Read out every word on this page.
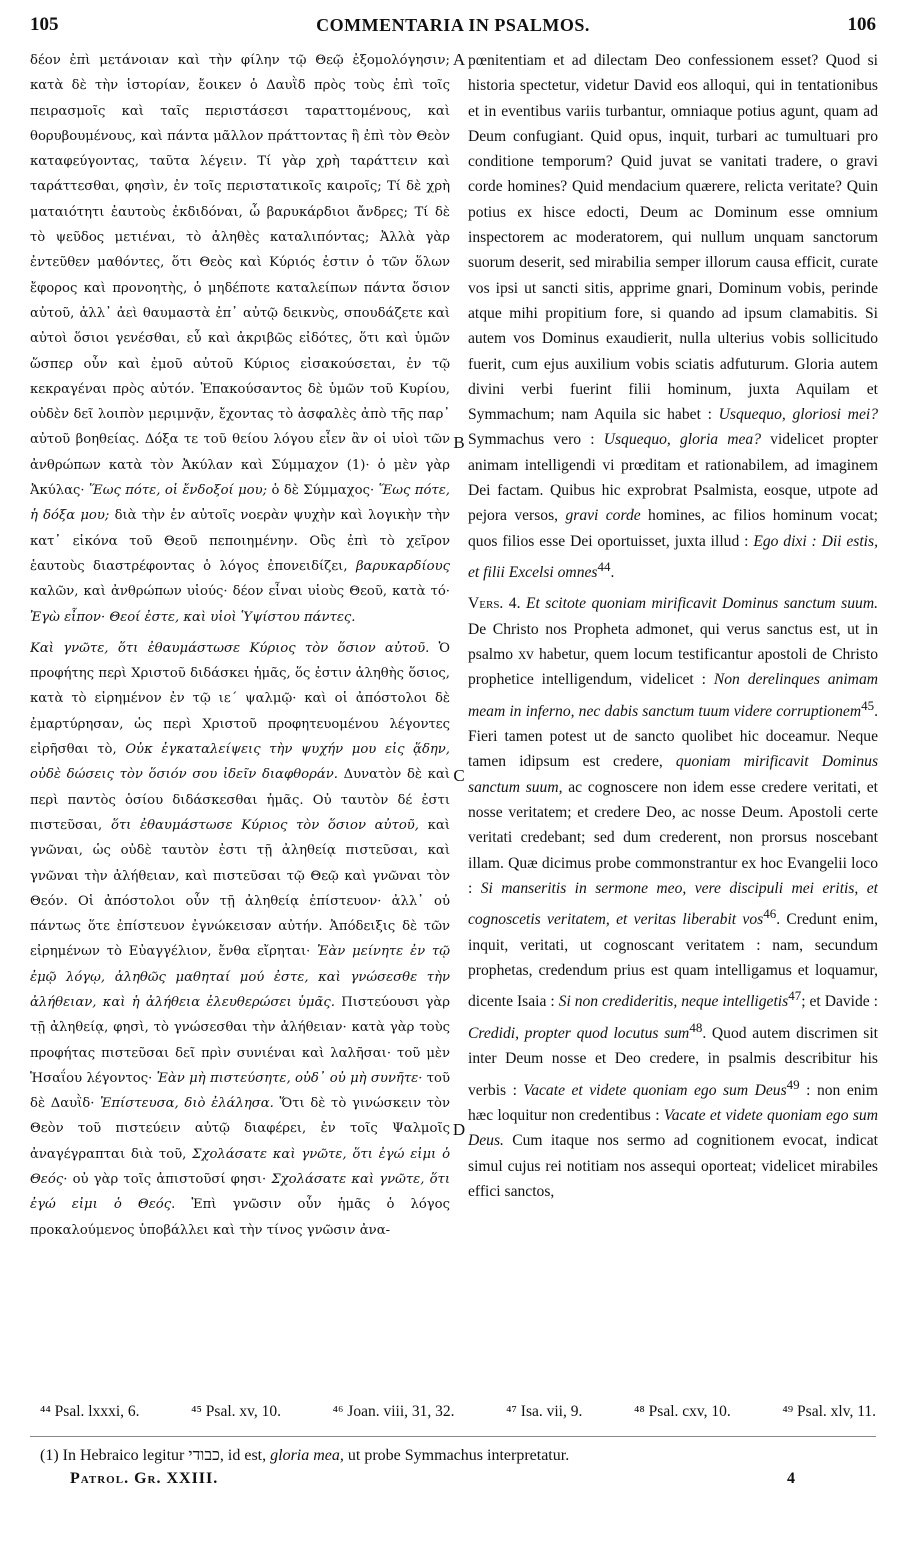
105	COMMENTARIA IN PSALMOS.	106

δέον ἐπὶ μετάνοιαν καὶ τὴν φίλην τῷ Θεῷ ἐξομολόγησιν; κατὰ δὲ τὴν ἱστορίαν, ἔοικεν ὁ Δαυῒδ πρὸς τοὺς ἐπὶ τοῖς πειρασμοῖς καὶ ταῖς περιστάσεσι ταραττομένους, καὶ θορυβουμένους, καὶ πάντα μᾶλλον πράττοντας ἢ ἐπὶ τὸν Θεὸν καταφεύγοντας, ταῦτα λέγειν. Τί γὰρ χρὴ ταράττειν καὶ ταράττεσθαι, φησὶν, ἐν τοῖς περιστατικοῖς καιροῖς; Τί δὲ χρὴ ματαιότητι ἑαυτοὺς ἐκδιδόναι, ὦ βαρυκάρδιοι ἄνδρες; Τί δὲ τὸ ψεῦδος μετιέναι, τὸ ἀληθὲς καταλιπόντας; Ἀλλὰ γὰρ ἐντεῦθεν μαθόντες, ὅτι Θεὸς καὶ Κύριός ἐστιν ὁ τῶν ὅλων ἔφορος καὶ προνοητὴς, ὁ μηδέποτε καταλείπων πάντα ὅσιον αὐτοῦ, ἀλλ᾽ ἀεὶ θαυμαστὰ ἐπ᾽ αὐτῷ δεικνὺς, σπουδάζετε καὶ αὐτοὶ ὅσιοι γενέσθαι, εὖ καὶ ἀκριβῶς εἰδότες, ὅτι καὶ ὑμῶν ὥσπερ οὖν καὶ ἐμοῦ αὐτοῦ Κύριος εἰσακούσεται, ἐν τῷ κεκραγέναι πρὸς αὐτόν. Ἐπακούσαντος δὲ ὑμῶν τοῦ Κυρίου, οὐδὲν δεῖ λοιπὸν μεριμνᾷν, ἔχοντας τὸ ἀσφαλὲς ἀπὸ τῆς παρ᾽ αὐτοῦ βοηθείας. Δόξα τε τοῦ θείου λόγου εἶεν ἂν οἱ υἱοὶ τῶν ἀνθρώπων κατὰ τὸν Ἀκύλαν καὶ Σύμμαχον (1)· ὁ μὲν γὰρ Ἀκύλας· Ἕως πότε, οἱ ἔνδοξοί μου; ὁ δὲ Σύμμαχος· Ἕως πότε, ἡ δόξα μου; διὰ τὴν ἐν αὐτοῖς νοερὰν ψυχὴν καὶ λογικὴν τὴν κατ᾽ εἰκόνα τοῦ Θεοῦ πεποιημένην. Οὓς ἐπὶ τὸ χεῖρον ἑαυτοὺς διαστρέφοντας ὁ λόγος ἐπονειδίζει, βαρυκαρδίους καλῶν, καὶ ἀνθρώπων υἱούς· δέον εἶναι υἱοὺς Θεοῦ, κατὰ τό· Ἐγὼ εἶπον· Θεοί ἐστε, καὶ υἱοὶ Ὑψίστου πάντες.

Καὶ γνῶτε, ὅτι ἐθαυμάστωσε Κύριος τὸν ὅσιον αὐτοῦ. Ὁ προφήτης περὶ Χριστοῦ διδάσκει ἡμᾶς, ὅς ἐστιν ἀληθὴς ὅσιος, κατὰ τὸ εἰρημένον ἐν τῷ ιε´ ψαλμῷ· καὶ οἱ ἀπόστολοι δὲ ἐμαρτύρησαν, ὡς περὶ Χριστοῦ προφητευομένου λέγοντες εἰρῆσθαι τὸ, Οὐκ ἐγκαταλείψεις τὴν ψυχήν μου εἰς ᾅδην, οὐδὲ δώσεις τὸν ὅσιόν σου ἰδεῖν διαφθοράν. Δυνατὸν δὲ καὶ περὶ παντὸς ὁσίου διδάσκεσθαι ἡμᾶς. Οὐ ταυτὸν δέ ἐστι πιστεῦσαι, ὅτι ἐθαυμάστωσε Κύριος τὸν ὅσιον αὐτοῦ, καὶ γνῶναι, ὡς οὐδὲ ταυτὸν ἐστι τῇ ἀληθείᾳ πιστεῦσαι, καὶ γνῶναι τὴν ἀλήθειαν, καὶ πιστεῦσαι τῷ Θεῷ καὶ γνῶναι τὸν Θεόν. Οἱ ἀπόστολοι οὖν τῇ ἀληθείᾳ ἐπίστευον· ἀλλ᾽ οὐ πάντως ὅτε ἐπίστευον ἐγνώκεισαν αὐτήν. Ἀπόδειξις δὲ τῶν εἰρημένων τὸ Εὐαγγέλιον, ἔνθα εἴρηται· Ἐὰν μείνητε ἐν τῷ ἐμῷ λόγῳ, ἀληθῶς μαθηταί μού ἐστε, καὶ γνώσεσθε τὴν ἀλήθειαν, καὶ ἡ ἀλήθεια ἐλευθερώσει ὑμᾶς. Πιστεύουσι γὰρ τῇ ἀληθείᾳ, φησὶ, τὸ γνώσεσθαι τὴν ἀλήθειαν· κατὰ γὰρ τοὺς προφήτας πιστεῦσαι δεῖ πρὶν συνιέναι καὶ λαλῆσαι· τοῦ μὲν Ἡσαΐου λέγοντος· Ἐὰν μὴ πιστεύσητε, οὐδ᾽ οὐ μὴ συνῆτε· τοῦ δὲ Δαυῒδ· Ἐπίστευσα, διὸ ἐλάλησα. Ὅτι δὲ τὸ γινώσκειν τὸν Θεὸν τοῦ πιστεύειν αὐτῷ διαφέρει, ἐν τοῖς Ψαλμοῖς ἀναγέγραπται διὰ τοῦ, Σχολάσατε καὶ γνῶτε, ὅτι ἐγώ εἰμι ὁ Θεός· οὐ γὰρ τοῖς ἀπιστοῦσί φησι· Σχολάσατε καὶ γνῶτε, ὅτι ἐγώ εἰμι ὁ Θεός. Ἐπὶ γνῶσιν οὖν ἡμᾶς ὁ λόγος προκαλούμενος ὑποβάλλει καὶ τὴν τίνος γνῶσιν ἀνα-

A
B
C
D

pœnitentiam et ad dilectam Deo confessionem esset? Quod si historia spectetur, videtur David eos alloqui, qui in tentationibus et in eventibus variis turbantur, omniaque potius agunt, quam ad Deum confugiant. Quid opus, inquit, turbari ac tumultuari pro conditione temporum? Quid juvat se vanitati tradere, o gravi corde homines? Quid mendacium quærere, relicta veritate? Quin potius ex hisce edocti, Deum ac Dominum esse omnium inspectorem ac moderatorem, qui nullum unquam sanctorum suorum deserit, sed mirabilia semper illorum causa efficit, curate vos ipsi ut sancti sitis, apprime gnari, Dominum vobis, perinde atque mihi propitium fore, si quando ad ipsum clamabitis. Si autem vos Dominus exaudierit, nulla ulterius vobis sollicitudo fuerit, cum ejus auxilium vobis sciatis adfuturum. Gloria autem divini verbi fuerint filii hominum, juxta Aquilam et Symmachum; nam Aquila sic habet : Usquequo, gloriosi mei? Symmachus vero : Usquequo, gloria mea? videlicet propter animam intelligendi vi prœditam et rationabilem, ad imaginem Dei factam. Quibus hic exprobrat Psalmista, eosque, utpote ad pejora versos, gravi corde homines, ac filios hominum vocat; quos filios esse Dei oportuisset, juxta illud : Ego dixi : Dii estis, et filii Excelsi omnes$^{44}$.

Vers. 4. Et scitote quoniam mirificavit Dominus sanctum suum. De Christo nos Propheta admonet, qui verus sanctus est, ut in psalmo xv habetur, quem locum testificantur apostoli de Christo prophetice intelligendum, videlicet : Non derelinques animam meam in inferno, nec dabis sanctum tuum videre corruptionem$^{45}$. Fieri tamen potest ut de sancto quolibet hic doceamur. Neque tamen idipsum est credere, quoniam mirificavit Dominus sanctum suum, ac cognoscere non idem esse credere veritati, et nosse veritatem; et credere Deo, ac nosse Deum. Apostoli certe veritati credebant; sed dum crederent, non prorsus noscebant illam. Quæ dicimus probe commonstrantur ex hoc Evangelii loco : Si manseritis in sermone meo, vere discipuli mei eritis, et cognoscetis veritatem, et veritas liberabit vos$^{46}$. Credunt enim, inquit, veritati, ut cognoscant veritatem : nam, secundum prophetas, credendum prius est quam intelligamus et loquamur, dicente Isaia : Si non credideritis, neque intelligetis$^{47}$; et Davide : Credidi, propter quod locutus sum$^{48}$. Quod autem discrimen sit inter Deum nosse et Deo credere, in psalmis describitur his verbis : Vacate et videte quoniam ego sum Deus$^{49}$ : non enim hæc loquitur non credentibus : Vacate et videte quoniam ego sum Deus. Cum itaque nos sermo ad cognitionem evocat, indicat simul cujus rei notitiam nos assequi oporteat; videlicet mirabiles effici sanctos,

⁴⁴ Psal. lxxxi, 6.	⁴⁵ Psal. xv, 10.	⁴⁶ Joan. viii, 31, 32.	⁴⁷ Isa. vii, 9.	⁴⁸ Psal. cxv, 10.	⁴⁹ Psal. xlv, 11.
(1) In Hebraico legitur כבודי, id est, gloria mea, ut probe Symmachus interpretatur.
Patrol. Gr. XXIII.	4
